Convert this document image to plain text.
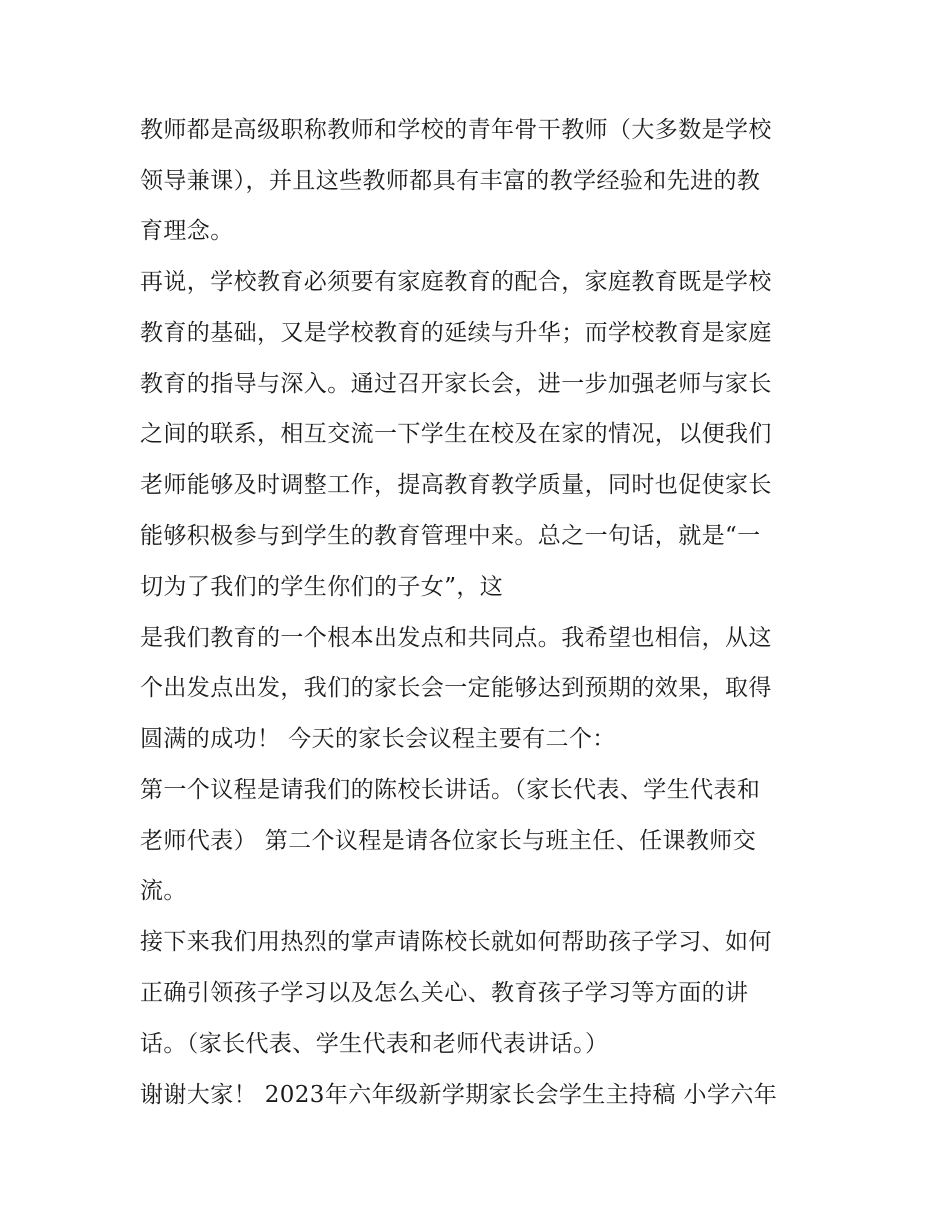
教师都是高级职称教师和学校的青年骨干教师（大多数是学校
领导兼课），并且这些教师都具有丰富的教学经验和先进的教
育理念。
再说，学校教育必须要有家庭教育的配合，家庭教育既是学校
教育的基础，又是学校教育的延续与升华；而学校教育是家庭
教育的指导与深入。通过召开家长会，进一步加强老师与家长
之间的联系，相互交流一下学生在校及在家的情况，以便我们
老师能够及时调整工作，提高教育教学质量，同时也促使家长
能够积极参与到学生的教育管理中来。总之一句话，就是“一
切为了我们的学生你们的子女”，这
是我们教育的一个根本出发点和共同点。我希望也相信，从这
个出发点出发，我们的家长会一定能够达到预期的效果，取得
圆满的成功！ 今天的家长会议程主要有二个：
第一个议程是请我们的陈校长讲话。（家长代表、学生代表和
老师代表） 第二个议程是请各位家长与班主任、任课教师交
流。
接下来我们用热烈的掌声请陈校长就如何帮助孩子学习、如何
正确引领孩子学习以及怎么关心、教育孩子学习等方面的讲
话。（家长代表、学生代表和老师代表讲话。）
谢谢大家！ 2023年六年级新学期家长会学生主持稿 小学六年
